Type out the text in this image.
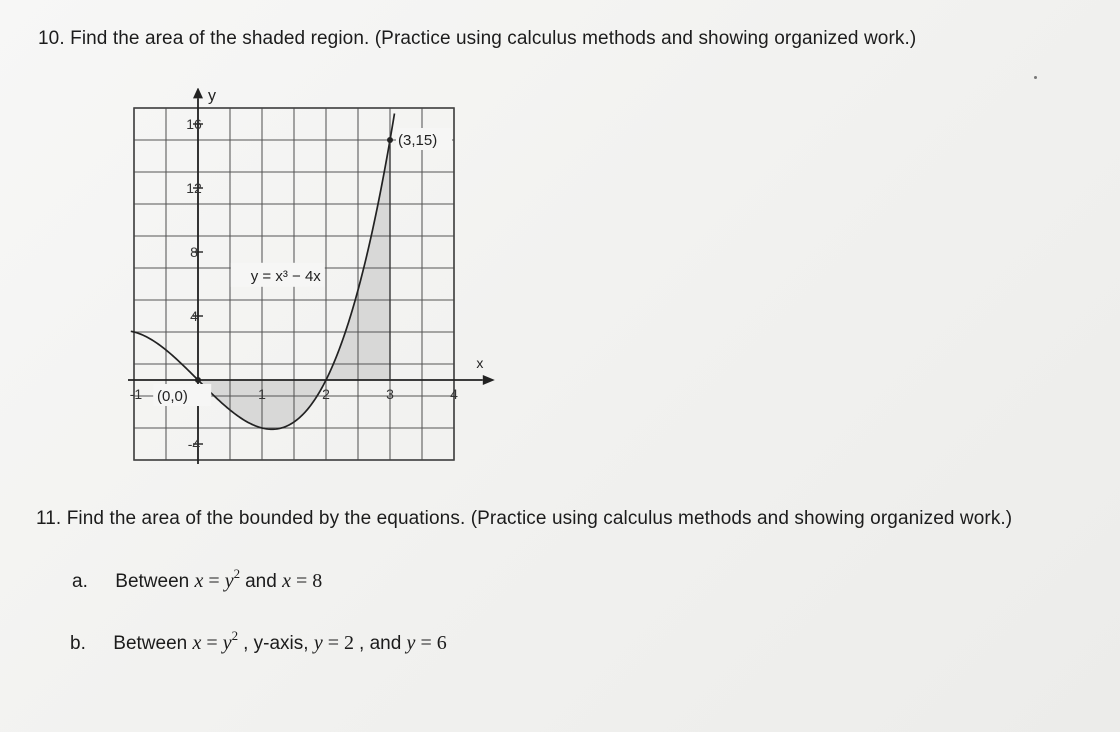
10. Find the area of the shaded region. (Practice using calculus methods and showing organized work.)
y
x
16
12
8
4
-4
-1	1	2	3	4
y = x³ − 4x
(0,0)
(3,15)
11. Find the area of the bounded by the equations. (Practice using calculus methods and showing organized work.)
a. Between $x = y^2$ and x = 8
b. Between $x = y^2$ , y-axis, y = 2 , and y = 6
